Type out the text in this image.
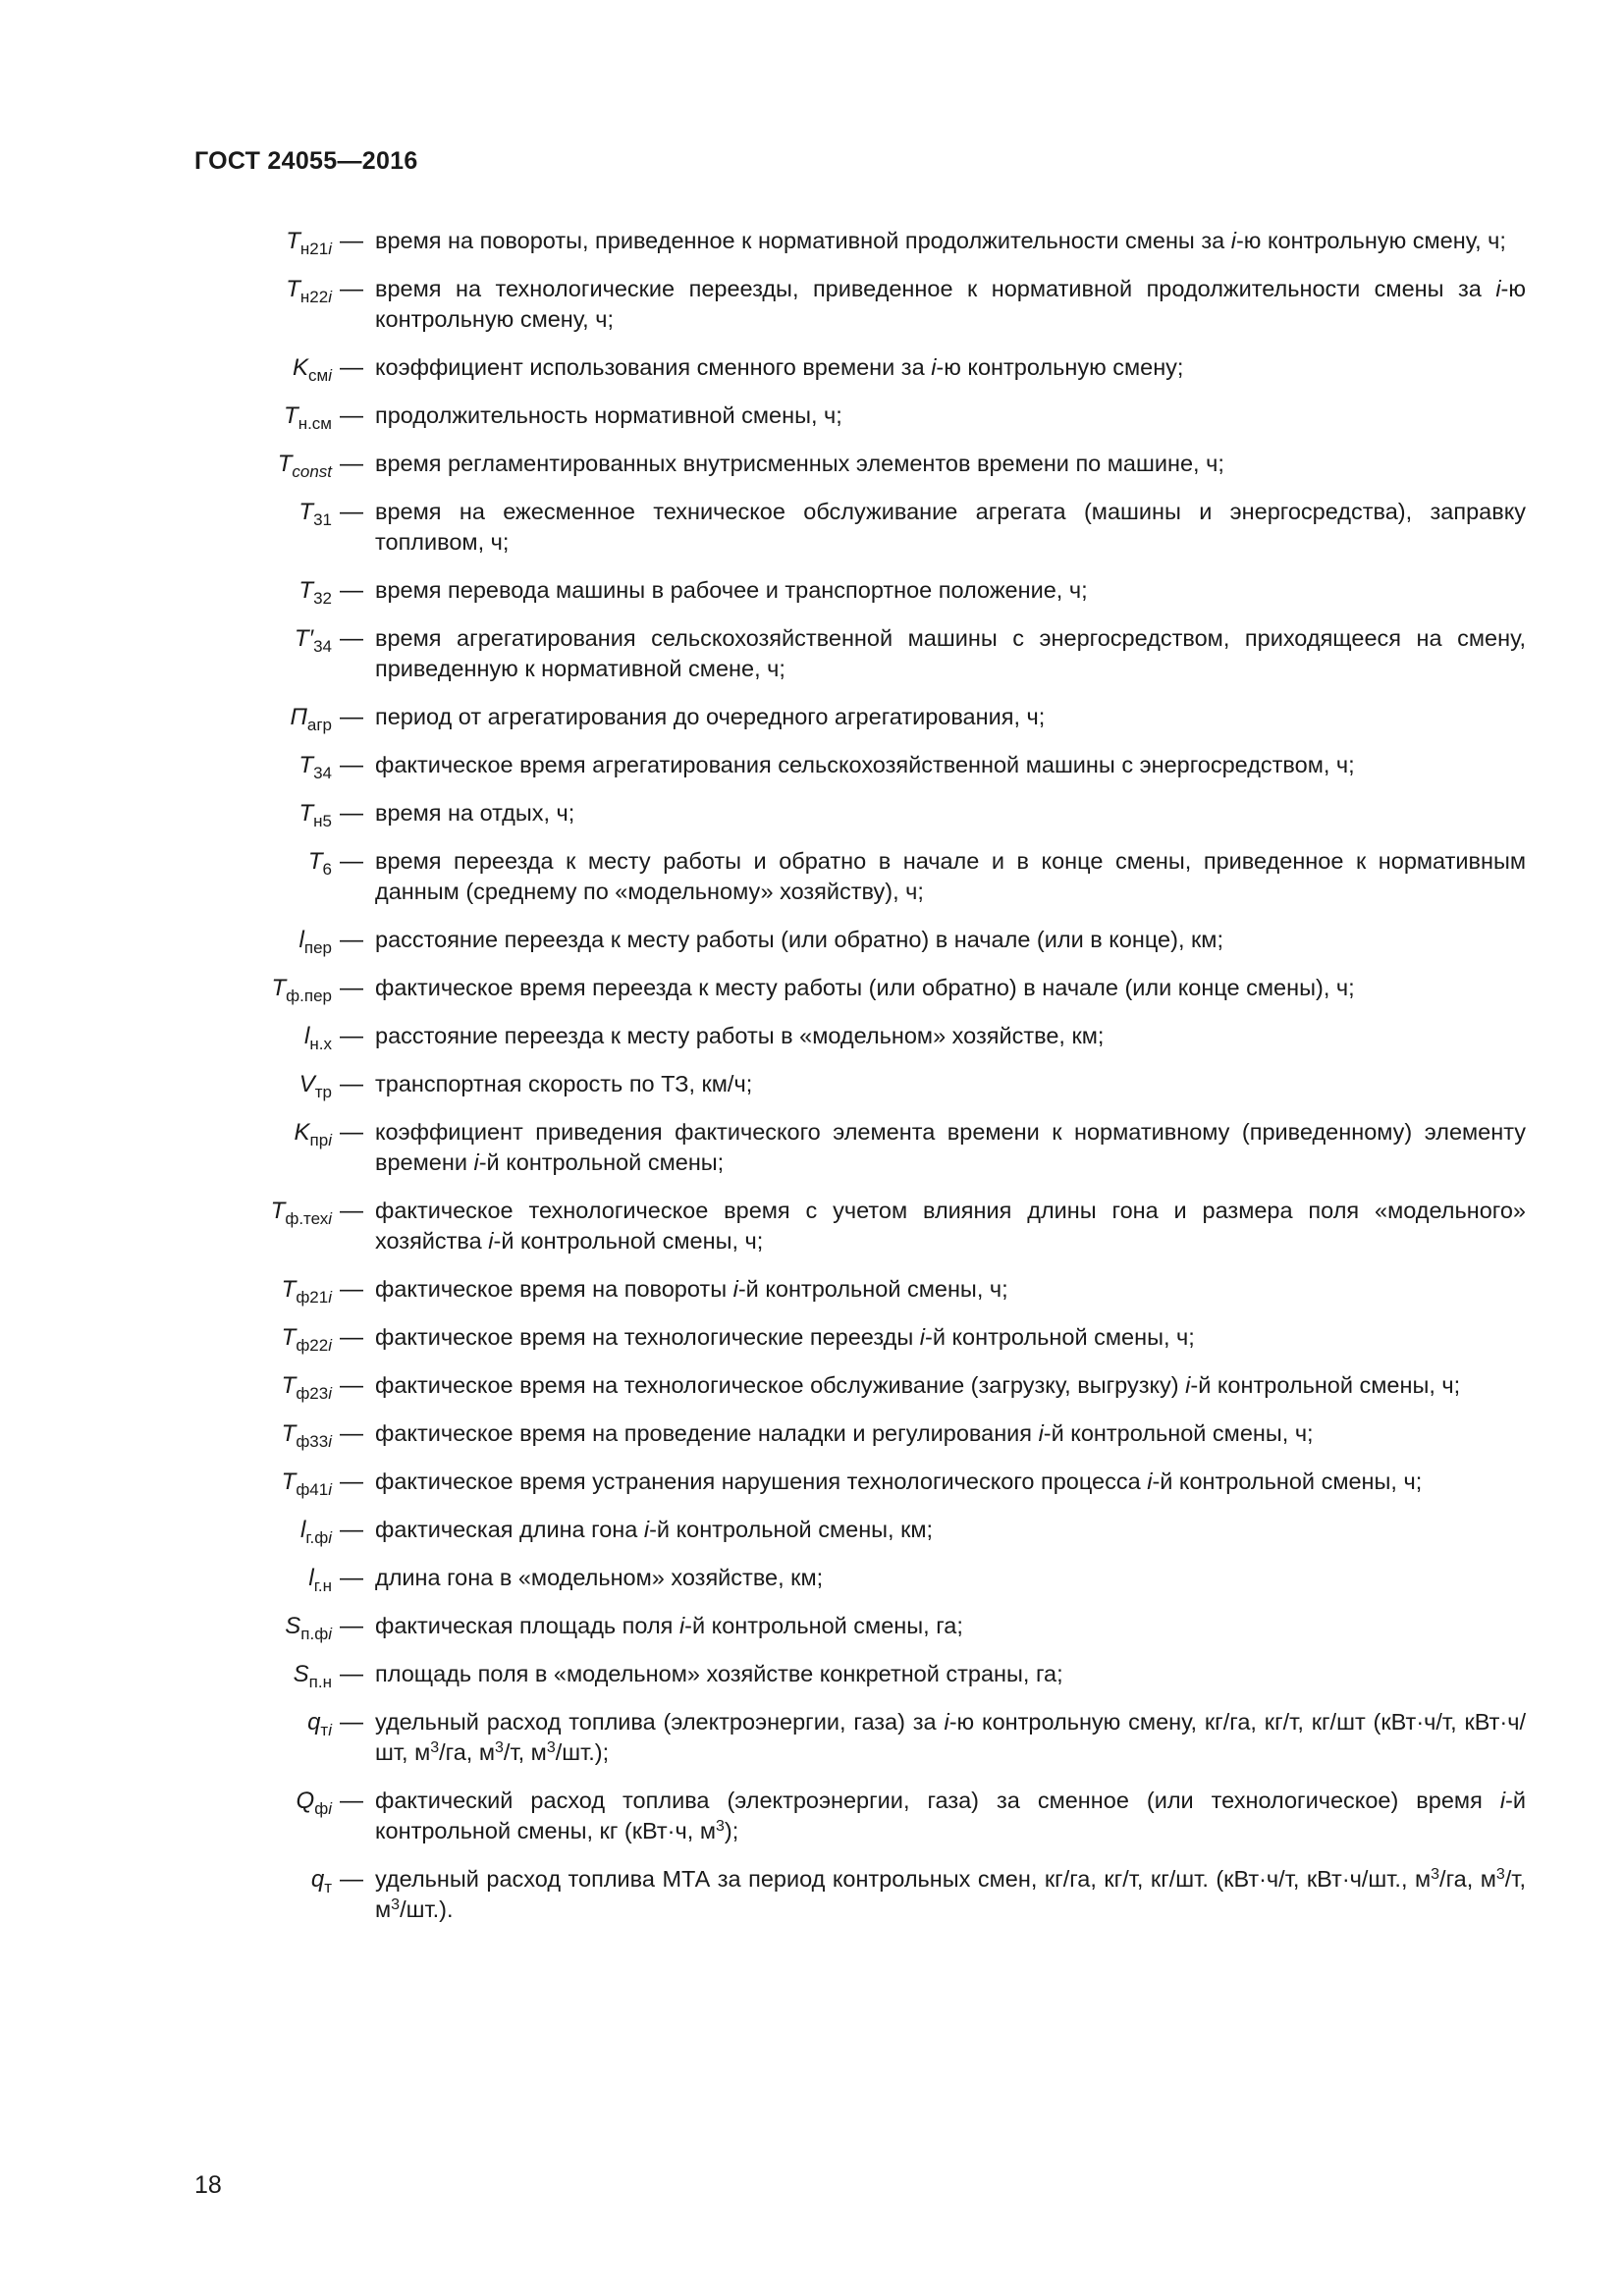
ГОСТ 24055—2016
$T_{н21i}$ — время на повороты, приведенное к нормативной продолжительности смены за i-ю контрольную смену, ч;
$T_{н22i}$ — время на технологические переезды, приведенное к нормативной продолжительности смены за i-ю контрольную смену, ч;
$K_{смi}$ — коэффициент использования сменного времени за i-ю контрольную смену;
$T_{н.см}$ — продолжительность нормативной смены, ч;
$T_{const}$ — время регламентированных внутрисменных элементов времени по машине, ч;
$T_{31}$ — время на ежесменное техническое обслуживание агрегата (машины и энергосредства), заправку топливом, ч;
$T_{32}$ — время перевода машины в рабочее и транспортное положение, ч;
$T'_{34}$ — время агрегатирования сельскохозяйственной машины с энергосредством, приходящееся на смену, приведенную к нормативной смене, ч;
$П_{агр}$ — период от агрегатирования до очередного агрегатирования, ч;
$T_{34}$ — фактическое время агрегатирования сельскохозяйственной машины с энергосредством, ч;
$T_{н5}$ — время на отдых, ч;
$T_6$ — время переезда к месту работы и обратно в начале и в конце смены, приведенное к нормативным данным (среднему по «модельному» хозяйству), ч;
$l_{пер}$ — расстояние переезда к месту работы (или обратно) в начале (или в конце), км;
$T_{ф.пер}$ — фактическое время переезда к месту работы (или обратно) в начале (или конце смены), ч;
$l_{н.х}$ — расстояние переезда к месту работы в «модельном» хозяйстве, км;
$V_{тр}$ — транспортная скорость по ТЗ, км/ч;
$K_{прi}$ — коэффициент приведения фактического элемента времени к нормативному (приведенному) элементу времени i-й контрольной смены;
$T_{ф.техi}$ — фактическое технологическое время с учетом влияния длины гона и размера поля «модельного» хозяйства i-й контрольной смены, ч;
$T_{ф21i}$ — фактическое время на повороты i-й контрольной смены, ч;
$T_{ф22i}$ — фактическое время на технологические переезды i-й контрольной смены, ч;
$T_{ф23i}$ — фактическое время на технологическое обслуживание (загрузку, выгрузку) i-й контрольной смены, ч;
$T_{ф33i}$ — фактическое время на проведение наладки и регулирования i-й контрольной смены, ч;
$T_{ф41i}$ — фактическое время устранения нарушения технологического процесса i-й контрольной смены, ч;
$l_{г.фi}$ — фактическая длина гона i-й контрольной смены, км;
$l_{г.н}$ — длина гона в «модельном» хозяйстве, км;
$S_{п.фi}$ — фактическая площадь поля i-й контрольной смены, га;
$S_{п.н}$ — площадь поля в «модельном» хозяйстве конкретной страны, га;
$q_{тi}$ — удельный расход топлива (электроэнергии, газа) за i-ю контрольную смену, кг/га, кг/т, кг/шт (кВт·ч/т, кВт·ч/шт, $м^3/га$, $м^3/т$, $м^3/шт$.);
$Q_{фi}$ — фактический расход топлива (электроэнергии, газа) за сменное (или технологическое) время i-й контрольной смены, кг (кВт·ч, $м^3$);
$q_т$ — удельный расход топлива МТА за период контрольных смен, кг/га, кг/т, кг/шт. (кВт·ч/т, кВт·ч/шт., $м^3/га$, $м^3/т$, $м^3/шт$.).
18
